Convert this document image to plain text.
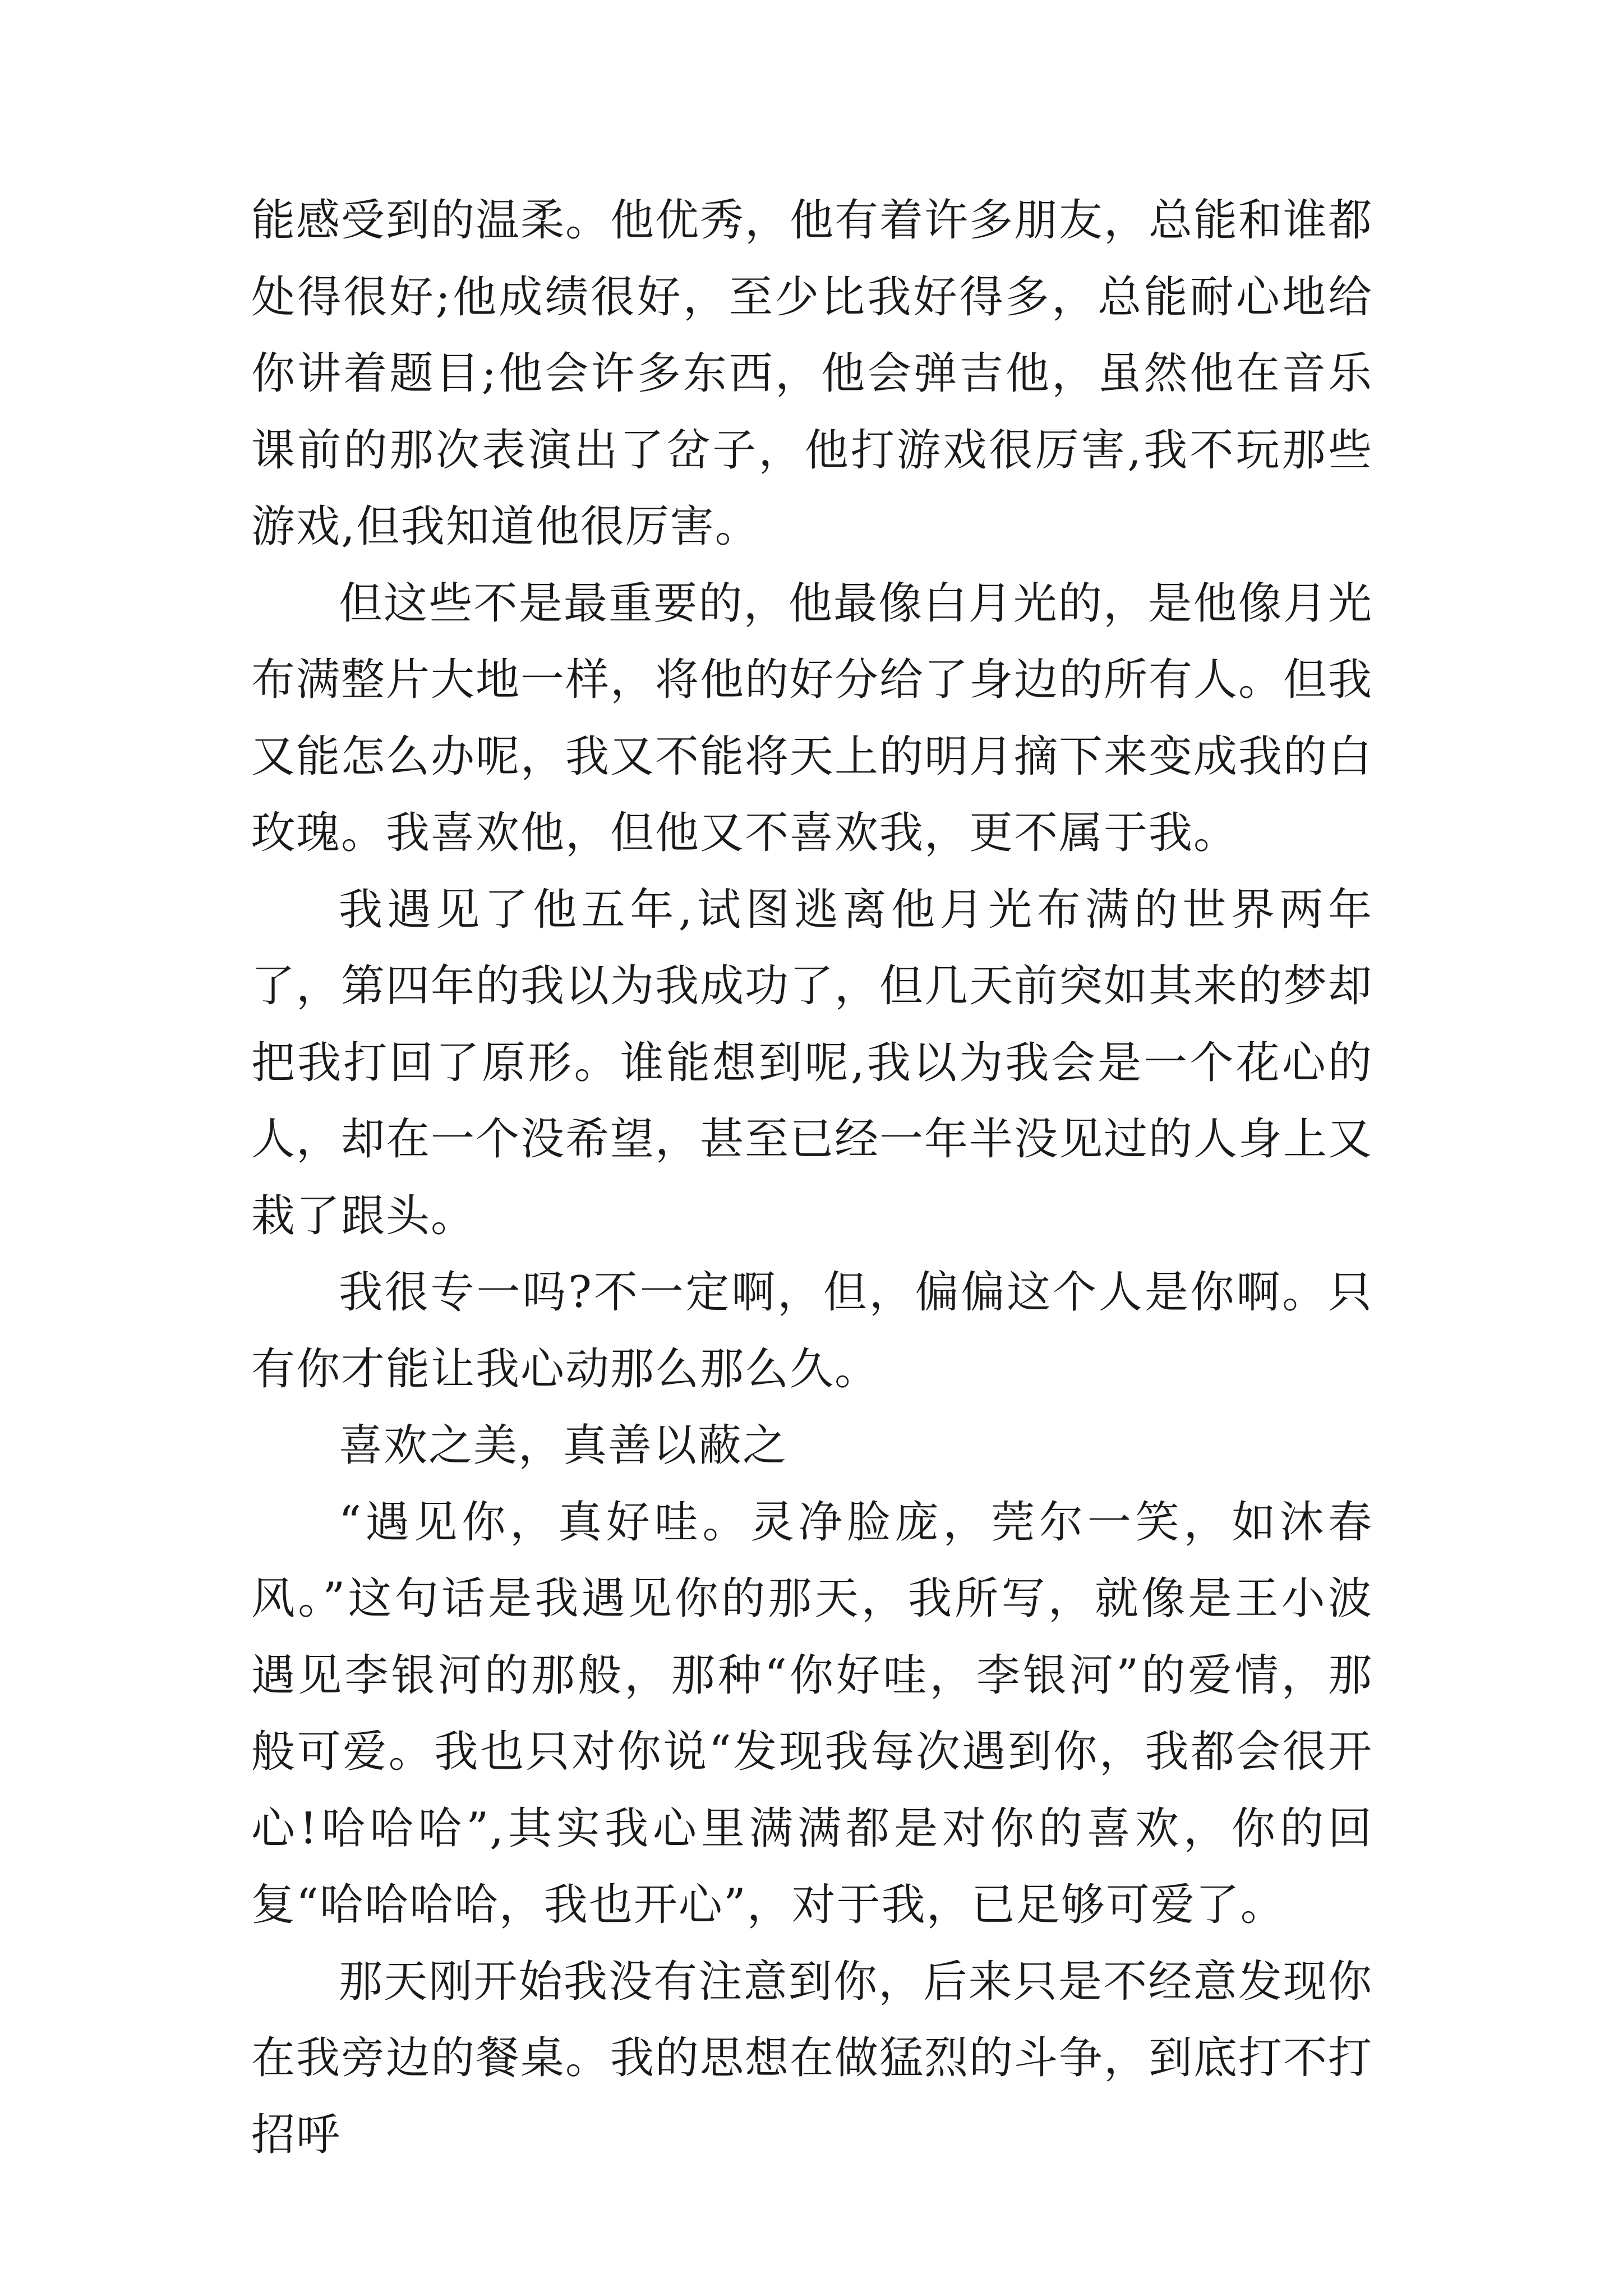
能感受到的温柔。他优秀，他有着许多朋友，总能和谁都处得很好;他成绩很好，至少比我好得多，总能耐心地给你讲着题目;他会许多东西，他会弹吉他，虽然他在音乐课前的那次表演出了岔子，他打游戏很厉害,我不玩那些游戏,但我知道他很厉害。

但这些不是最重要的，他最像白月光的，是他像月光布满整片大地一样，将他的好分给了身边的所有人。但我又能怎么办呢，我又不能将天上的明月摘下来变成我的白玫瑰。我喜欢他，但他又不喜欢我，更不属于我。

我遇见了他五年,试图逃离他月光布满的世界两年了，第四年的我以为我成功了，但几天前突如其来的梦却把我打回了原形。谁能想到呢,我以为我会是一个花心的人，却在一个没希望，甚至已经一年半没见过的人身上又栽了跟头。

我很专一吗?不一定啊，但，偏偏这个人是你啊。只有你才能让我心动那么那么久。

喜欢之美，真善以蔽之

“遇见你，真好哇。灵净脸庞，莞尔一笑，如沐春风。”这句话是我遇见你的那天，我所写，就像是王小波遇见李银河的那般，那种“你好哇，李银河”的爱情，那般可爱。我也只对你说“发现我每次遇到你，我都会很开心!哈哈哈”,其实我心里满满都是对你的喜欢，你的回复“哈哈哈哈，我也开心”，对于我，已足够可爱了。

那天刚开始我没有注意到你，后来只是不经意发现你在我旁边的餐桌。我的思想在做猛烈的斗争，到底打不打招呼
